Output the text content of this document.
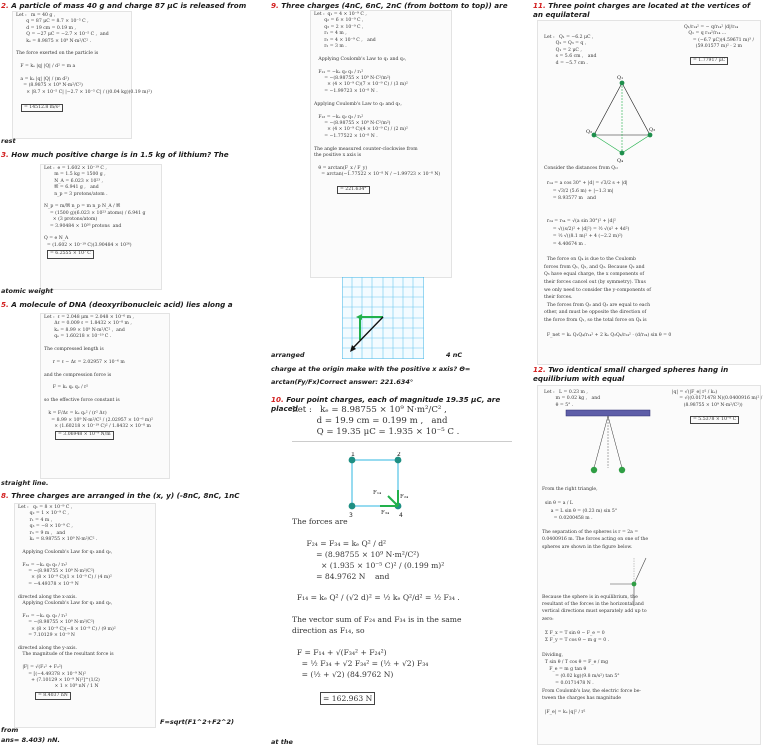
2. A particle of mass 40 g and charge 87 μC is released from
Let :   m = 40 g ,
q = 87 μC = 8.7 × 10⁻⁵ C ,
d = 19 cm = 0.19 m ,
Q = −27 μC = −2.7 × 10⁻⁵ C ,  and
kₑ = 8.9875 × 10⁹ N·m²/C² .

The force exerted on the particle is

F = kₑ |q| |Q| / d² = m a

a = kₑ |q| |Q| / (m d²)
= (8.9875 × 10⁹ N·m²/C²)
× |8.7 × 10⁻⁵ C| |−2.7 × 10⁻⁵ C| / ((0.04 kg)(0.19 m)²)

= 14512.8 m/s²
rest
3. How much positive charge is in 1.5 kg of lithium? The
Let :  e = 1.602 × 10⁻¹⁹ C ,
m = 1.5 kg = 1500 g ,
N_A = 6.023 × 10²³ ,
𝔐 = 6.941 g ,   and
n_p = 3 protons/atom .

N_p = m/𝔐 n_p = m n_p N_A / 𝔐
= (1500 g)(6.023 × 10²³ atoms) / 6.941 g
× (3 protons/atom)
= 3.90484 × 10²⁶ protons  and

Q = e N_A
= (1.602 × 10⁻¹⁹ C)(3.90484 × 10²⁶)
= 6.2555 × 10⁷ C
atomic weight
5. A molecule of DNA (deoxyribonucleic acid) lies along a
Let :  ℓ = 2.048 μm = 2.048 × 10⁻⁶ m ,
Δℓ = 0.009 ℓ = 1.8432 × 10⁻⁸ m ,
kₑ = 8.99 × 10⁹ N·m²/C² ,  and
qₑ = 1.60218 × 10⁻¹⁹ C .

The compressed length is

r = ℓ − Δℓ = 2.02957 × 10⁻⁶ m

and the compression force is

F = kₑ qₑ qₑ / r²

so the effective force constant is

k = F/Δℓ = kₑ qₑ² / (r² Δℓ)
= 8.99 × 10⁹ N·m²/C² / (2.02957 × 10⁻⁶ m)²
× (1.60218 × 10⁻¹⁹ C)² / 1.8432 × 10⁻⁸ m
= 3.06948 × 10⁻⁹ N/m
straight line.
8. Three charges are arranged in the (x, y) (-8nC, 8nC, 1nC
Let :   q₁ = 8 × 10⁻⁹ C ,
q₂ = 1 × 10⁻⁹ C ,
r₁ = 4 m ,
q₃ = −8 × 10⁻⁹ C ,
r₃ = 9 m ,   and
kₑ = 8.98755 × 10⁹ N·m²/C² .

Applying Coulomb's Law for q₃ and q₂,

F₃₂ = −kₑ q₃ q₂ / r₃²
= −(8.98755 × 10⁹ N·m²/C²)
× (8 × 10⁻⁹ C)(1 × 10⁻⁹ C) / (4 m)²
= −4.49378 × 10⁻⁹ N

directed along the x-axis.
Applying Coulomb's Law for q₁ and q₂,

F₁₂ = −kₑ q₁ q₂ / r₁²
= −(8.98755 × 10⁹ N·m²/C²)
× (8 × 10⁻⁹ C)(−8 × 10⁻⁹ C) / (9 m)²
= 7.10129 × 10⁻⁹ N

directed along the y-axis.
The magnitude of the resultant force is

|F| = √(F₁² + F₂²)
= [(−4.49378 × 10⁻⁹ N)²
+ (7.10129 × 10⁻⁹ N)²]^(1/2)
× 1 × 10⁹ nN / 1 N
= 8.4037 nN
F=sqrt(F1^2+F2^2)
from
ans= 8.403) nN.
9. Three charges (4nC, 6nC, 2nC (from bottom to top)) are
Let :  q₁ = 4 × 10⁻⁹ C ,
q₂ = 6 × 10⁻⁹ C ,
q₃ = 2 × 10⁻⁹ C ,
r₁ = 4 m ,
r₃ = 4 × 10⁻⁹ C ,   and
r₂ = 3 m .

Applying Coulomb's Law to q₁ and q₂,

F₂₁ = −kₑ q₂ q₁ / r₁²
= −(8.98755 × 10⁹ N·C²/m²)
× (4 × 10⁻⁹ C)(7 × 10⁻⁹ C) / (3 m)²
= −1.99723 × 10⁻⁸ N .

Applying Coulomb's Law to q₂ and q₃,

F₂₃ = −kₑ q₂ q₃ / r₂²
= −(8.98755 × 10⁹ N·C²/m²)
× (4 × 10⁻⁹ C)(4 × 10⁻⁹ C) / (2 m)²
= −1.77522 × 10⁻⁸ N .

The angle measured counter-clockwise from
the positive x axis is

θ = arctan(F_x / F_y)
= arctan(−1.77522 × 10⁻⁸ N / −1.99723 × 10⁻⁸ N)

= 221.634°
arranged	4 nC
charge at the origin make with the positive x axis? Θ=
arctan(Fy/Fx)Correct answer: 221.634°
10. Four point charges, each of magnitude 19.35 μC, are placed
Let :   kₑ = 8.98755 × 10⁹ N·m²/C² ,
d = 19.9 cm = 0.199 m ,   and
Q = 19.35 μC = 1.935 × 10⁻⁵ C .
1	2
3	4
F₁₄
F₂₄
F₃₄
The forces are

F₂₄ = F₃₄ = kₑ Q² / d²
= (8.98755 × 10⁹ N·m²/C²)
× (1.935 × 10⁻⁵ C)² / (0.199 m)²
= 84.9762 N    and

F₁₄ = kₑ Q² / (√2 d)² = ½ kₑ Q²/d² = ½ F₃₄ .

The vector sum of F₂₄ and F₃₄ is in the same
direction as F₁₄, so

F = F₁₄ + √(F₃₄² + F₂₄²)
= ½ F₃₄ + √2 F₃₄² = (½ + √2) F₃₄
= (½ + √2) (84.9762 N)

= 162.963 N
at the
11. Three point charges are located at the vertices of an equilateral
Let :   Q₁ = −6.2 μC ,
Q₂ = Q₃ = q ,
Q₁ = 2 μC ,
s = 5.6 cm ,   and
d = −5.7 cm .
Q₁/r₁₄² = − q/r₁₄² |d|/r₁₄
Q₁ = q r₁₄²/r₁₄ ...
= (−6.7 μC)(4.59671 m)³ /
(59.01577 m)² · 2 m

= 1.77917 μC
Q₁
Q₂	Q₃
Q₄
Consider the distances from Q₁:

r₁₄ = a cos 30° + |d| = √3/2 s + |d|
= √3/2 (5.6 m) + |−1.3 m|
= 8.93577 m   and

r₂₄ = r₃₄ = √(a sin 30°)² + |d|²
= √((s/2)² + |d|²) = ½ √(s² + 4d²)
= ½ √((8.1 m)² + 4 (−2.2 m)²)
= 4.40674 m .

The force on Q₄ is due to the Coulomb
forces from Q₁, Q₂, and Q₃. Because Q₂ and
Q₃ have equal charge, the x components of
their forces cancel out (by symmetry). Thus
we only need to consider the y-components of
their forces.
The forces from Q₂ and Q₃ are equal to each
other, and must be opposite the direction of
the force from Q₁, so the total force on Q₄ is

F_net = kₑ Q₁Q₄/r₁₄² + 2 kₑ Q₂Q₄/r₂₄² · (d/r₂₄) sin θ = 0
12. Two identical small charged spheres hang in equilibrium with equal
Let :   L = 0.23 m ,
m = 0.02 kg ,   and
θ = 5° .
|q| = √(|F_e| r² / kₑ)
= √((0.0171478 N)(0.0400916 m)² /
(8.98755 × 10⁹ N·m²/C²))

= 5.5378 × 10⁻⁸ C
From the right triangle,

sin θ = a / L
a = L sin θ = (0.23 m) sin 5°
= 0.0200458 m .

The separation of the spheres is r = 2a =
0.0400916 m. The forces acting on one of the
spheres are shown in the figure below.

Because the sphere is in equilibrium, the
resultant of the forces in the horizontal and
vertical directions must separately add up to
zero:

Σ F_x = T sin θ − F_e = 0
Σ F_y = T cos θ − m g = 0 .

Dividing,
T sin θ / T cos θ = F_e / mg
F_e = m g tan θ
= (0.02 kg)(9.8 m/s²) tan 5°
= 0.0171478 N .
From Coulomb's law, the electric force be-
tween the charges has magnitude

|F_e| = kₑ |q|² / r²
